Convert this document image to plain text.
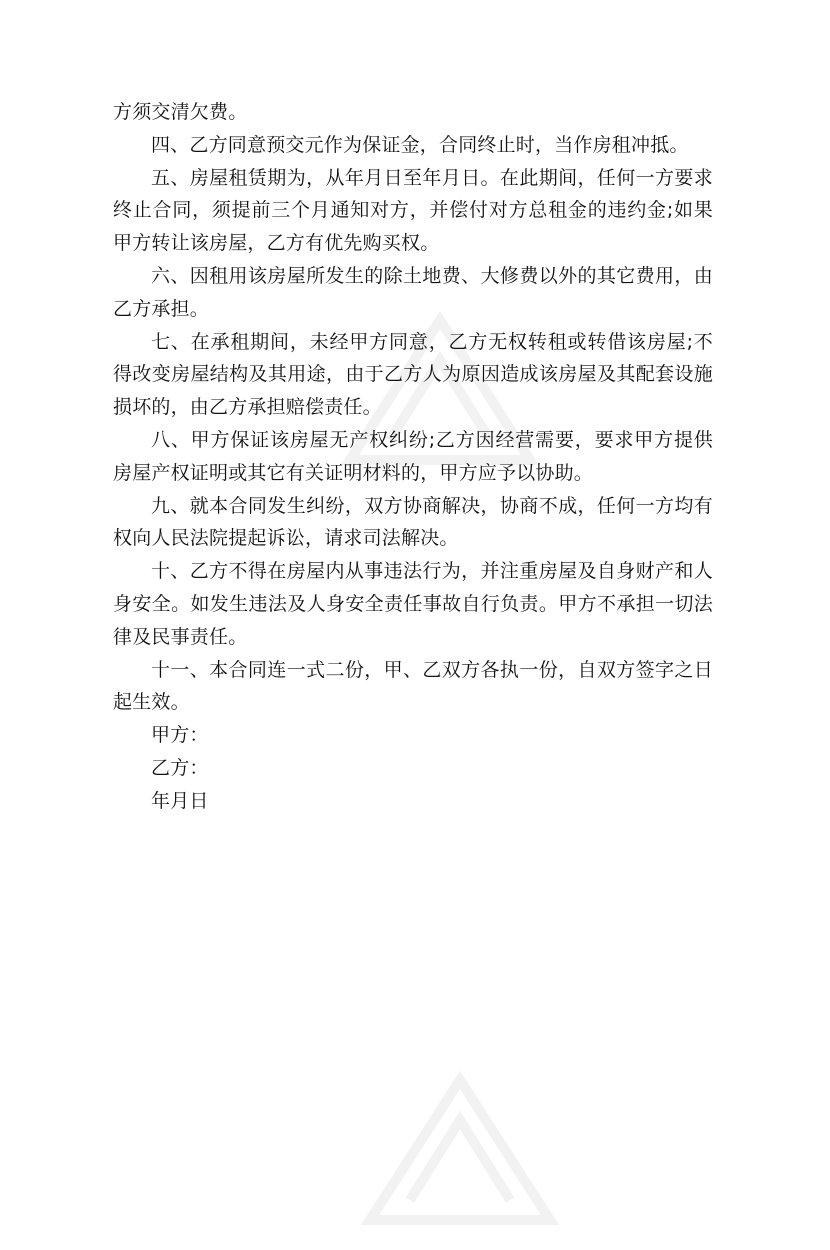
方须交清欠费。

四、乙方同意预交元作为保证金，合同终止时，当作房租冲抵。

五、房屋租赁期为，从年月日至年月日。在此期间，任何一方要求终止合同，须提前三个月通知对方，并偿付对方总租金的违约金;如果甲方转让该房屋，乙方有优先购买权。

六、因租用该房屋所发生的除土地费、大修费以外的其它费用，由乙方承担。

七、在承租期间，未经甲方同意，乙方无权转租或转借该房屋;不得改变房屋结构及其用途，由于乙方人为原因造成该房屋及其配套设施损坏的，由乙方承担赔偿责任。

八、甲方保证该房屋无产权纠纷;乙方因经营需要，要求甲方提供房屋产权证明或其它有关证明材料的，甲方应予以协助。

九、就本合同发生纠纷，双方协商解决，协商不成，任何一方均有权向人民法院提起诉讼，请求司法解决。

十、乙方不得在房屋内从事违法行为，并注重房屋及自身财产和人身安全。如发生违法及人身安全责任事故自行负责。甲方不承担一切法律及民事责任。

十一、本合同连一式二份，甲、乙双方各执一份，自双方签字之日起生效。

甲方：

乙方：

年月日
